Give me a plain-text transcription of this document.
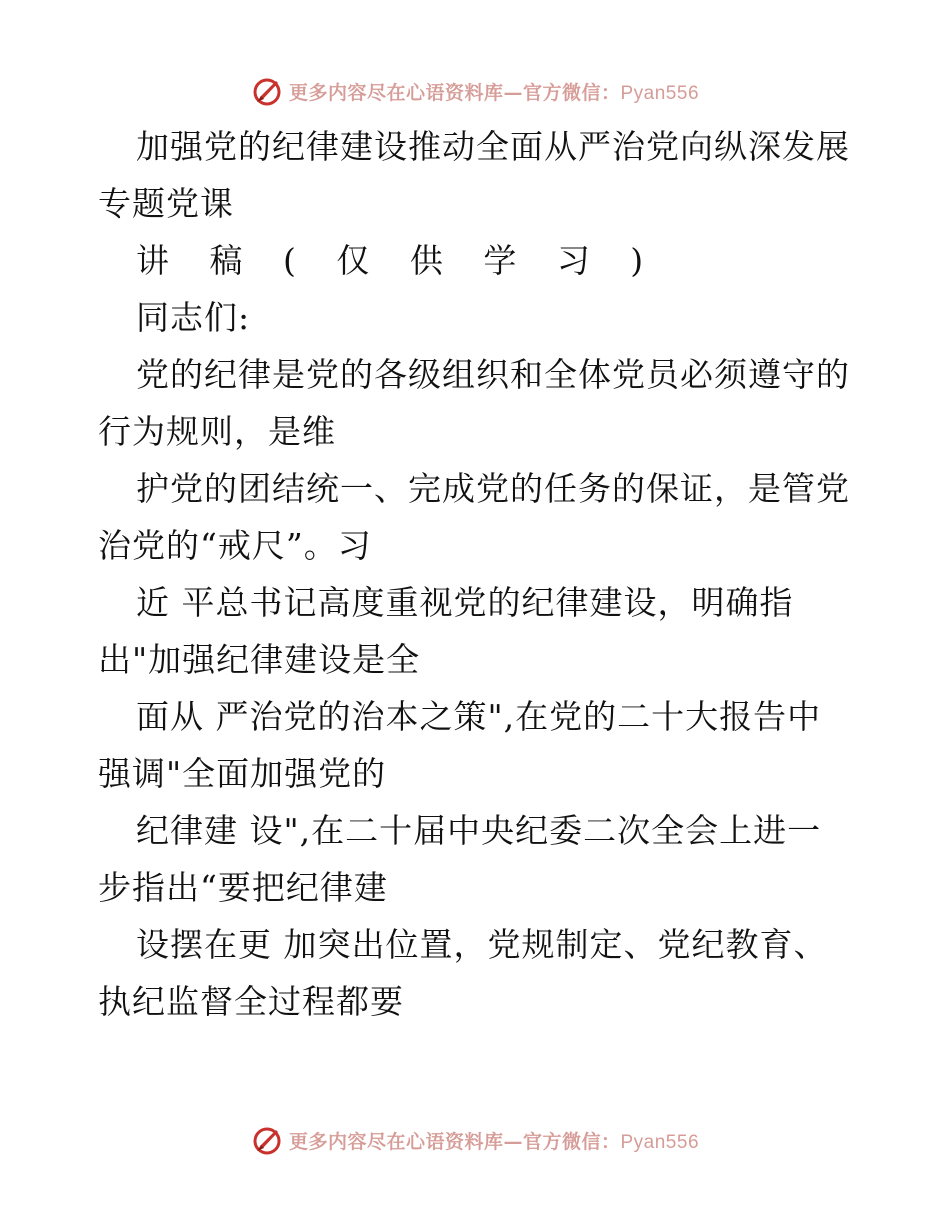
更多内容尽在心语资料库—官方微信：Pyan556
加强党的纪律建设推动全面从严治党向纵深发展
专题党课
讲 稿 ( 仅 供 学 习 )
同志们:
党的纪律是党的各级组织和全体党员必须遵守的
行为规则，是维
护党的团结统一、完成党的任务的保证，是管党
治党的“戒尺”。习
近 平总书记高度重视党的纪律建设，明确指
出"加强纪律建设是全
面从 严治党的治本之策",在党的二十大报告中
强调"全面加强党的
纪律建 设",在二十届中央纪委二次全会上进一
步指出“要把纪律建
设摆在更 加突出位置，党规制定、党纪教育、
执纪监督全过程都要
更多内容尽在心语资料库—官方微信：Pyan556
